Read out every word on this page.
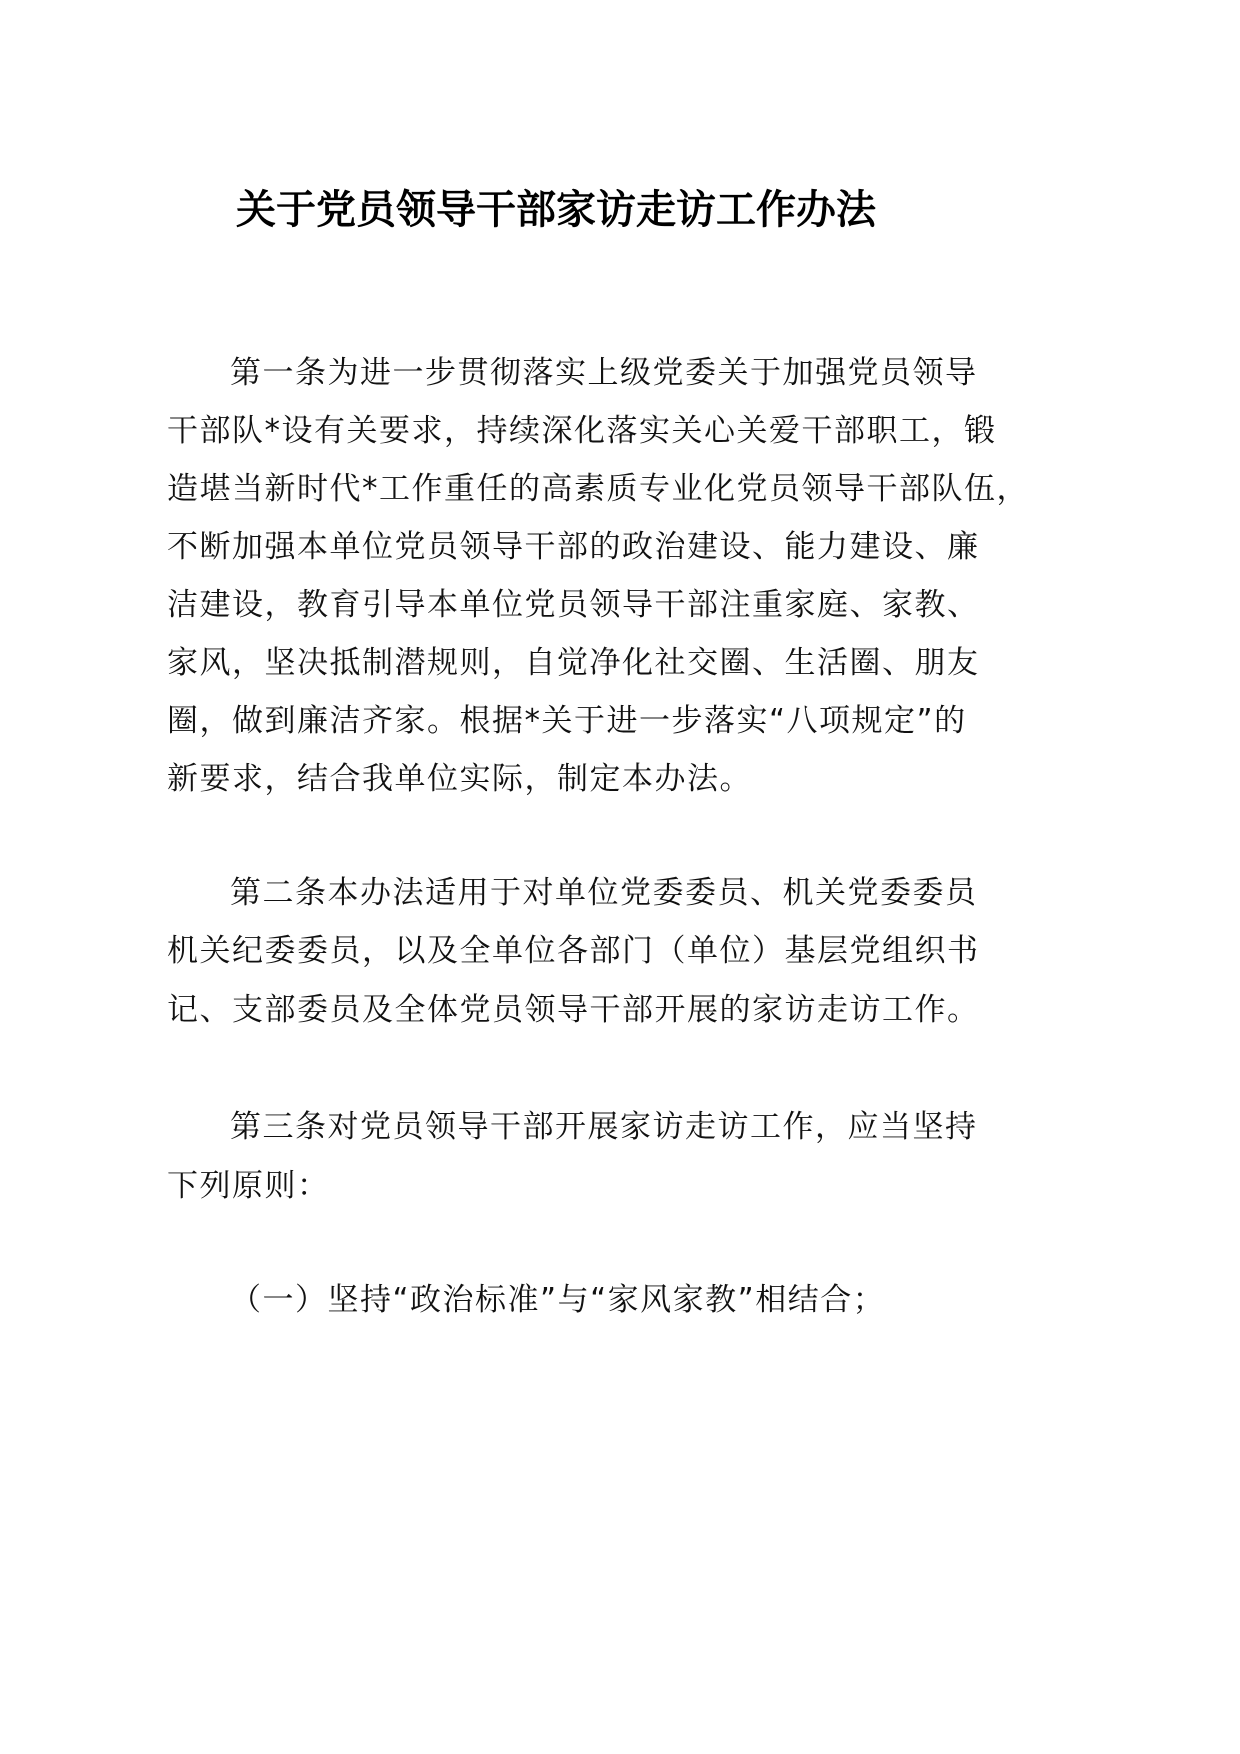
关于党员领导干部家访走访工作办法
第一条为进一步贯彻落实上级党委关于加强党员领导
干部队*设有关要求，持续深化落实关心关爱干部职工，锻
造堪当新时代*工作重任的高素质专业化党员领导干部队伍，
不断加强本单位党员领导干部的政治建设、能力建设、廉
洁建设，教育引导本单位党员领导干部注重家庭、家教、
家风，坚决抵制潜规则，自觉净化社交圈、生活圈、朋友
圈，做到廉洁齐家。根据*关于进一步落实“八项规定”的
新要求，结合我单位实际，制定本办法。
第二条本办法适用于对单位党委委员、机关党委委员
机关纪委委员，以及全单位各部门（单位）基层党组织书
记、支部委员及全体党员领导干部开展的家访走访工作。
第三条对党员领导干部开展家访走访工作，应当坚持
下列原则：
（一）坚持“政治标准”与“家风家教”相结合；
